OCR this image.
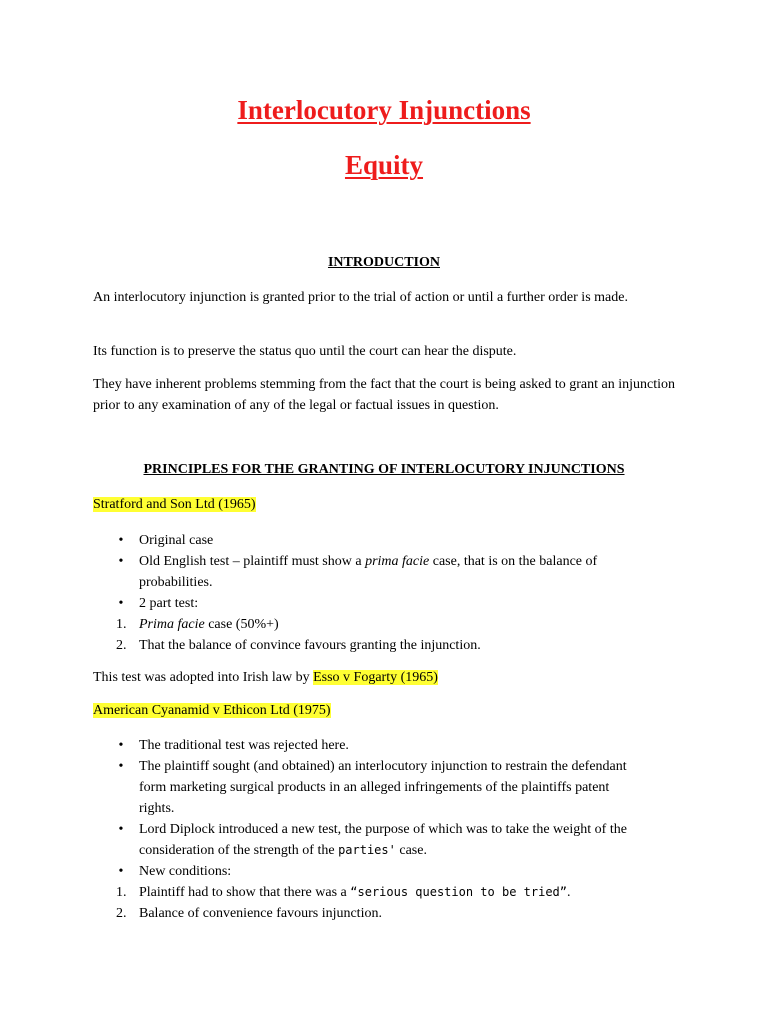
Interlocutory Injunctions
Equity
INTRODUCTION

An interlocutory injunction is granted prior to the trial of action or until a further order is made.

Its function is to preserve the status quo until the court can hear the dispute.

They have inherent problems stemming from the fact that the court is being asked to grant an injunction prior to any examination of any of the legal or factual issues in question.

PRINCIPLES FOR THE GRANTING OF INTERLOCUTORY INJUNCTIONS

Stratford and Son Ltd (1965)

• Original case
• Old English test – plaintiff must show a prima facie case, that is on the balance of probabilities.
• 2 part test:
1. Prima facie case (50%+)
2. That the balance of convince favours granting the injunction.

This test was adopted into Irish law by Esso v Fogarty (1965)

American Cyanamid v Ethicon Ltd (1975)

• The traditional test was rejected here.
• The plaintiff sought (and obtained) an interlocutory injunction to restrain the defendant form marketing surgical products in an alleged infringements of the plaintiffs patent rights.
• Lord Diplock introduced a new test, the purpose of which was to take the weight of the consideration of the strength of the parties' case.
• New conditions:
1. Plaintiff had to show that there was a “serious question to be tried”.
2. Balance of convenience favours injunction.
